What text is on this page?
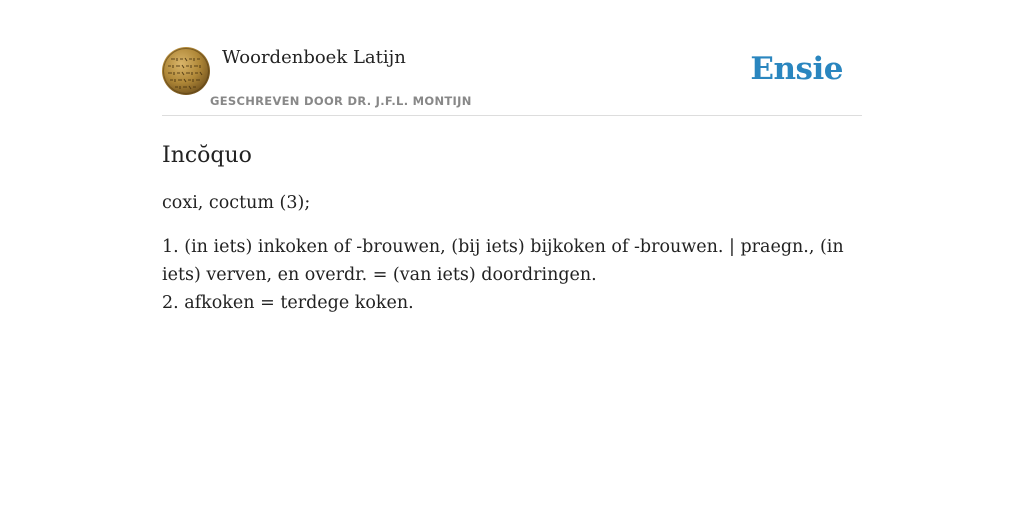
Woordenboek Latijn
GESCHREVEN DOOR DR. J.F.L. MONTIJN
Ensie
Incŏquo

coxi, coctum (3);

1. (in iets) inkoken of -brouwen, (bij iets) bijkoken of -brouwen. | praegn., (in iets) verven, en overdr. = (van iets) doordringen.
2. afkoken = terdege koken.
